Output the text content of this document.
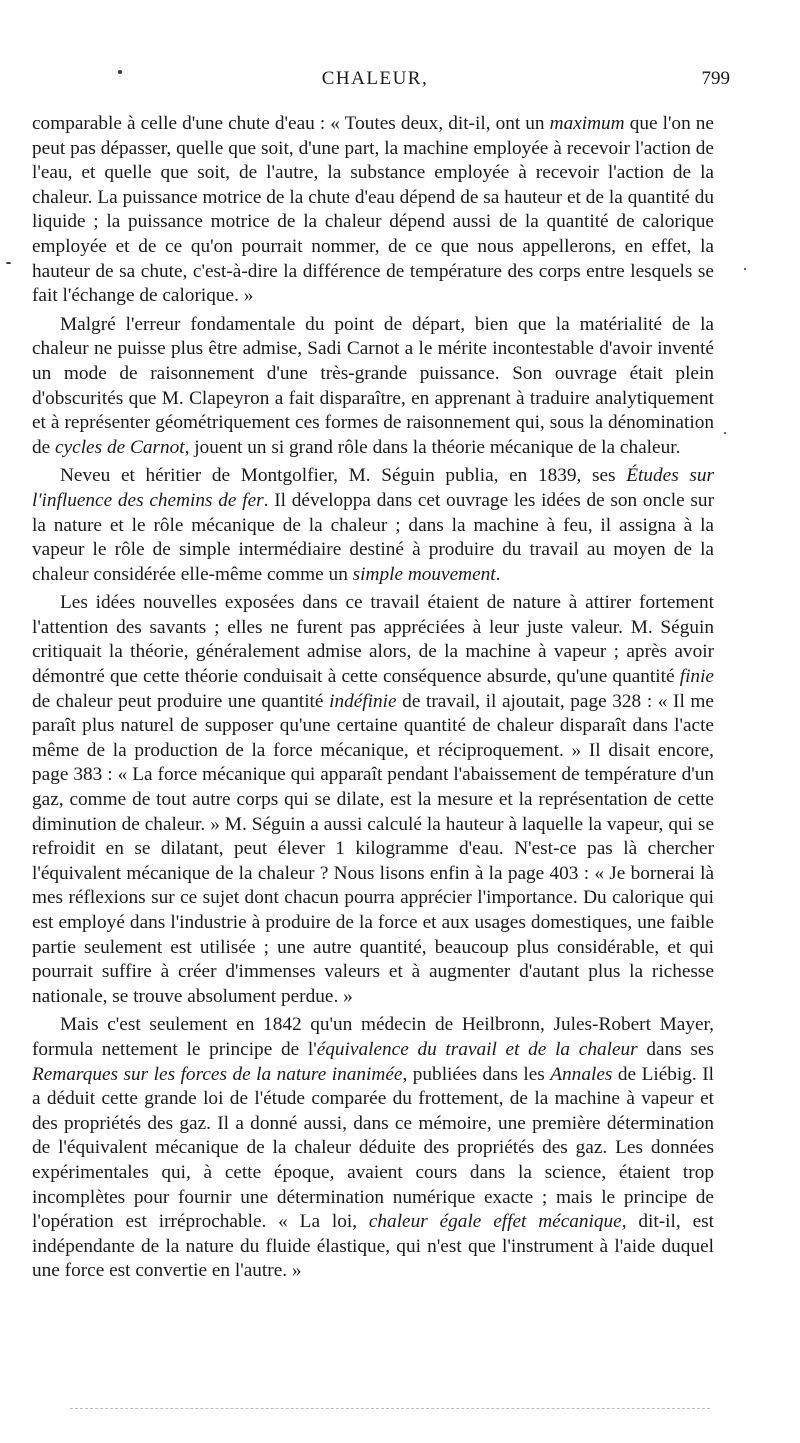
CHALEUR,	799

comparable à celle d'une chute d'eau : « Toutes deux, dit-il, ont un maximum que l'on ne peut pas dépasser, quelle que soit, d'une part, la machine employée à recevoir l'action de l'eau, et quelle que soit, de l'autre, la substance employée à recevoir l'action de la chaleur. La puissance motrice de la chute d'eau dépend de sa hauteur et de la quantité du liquide ; la puissance motrice de la chaleur dépend aussi de la quantité de calorique employée et de ce qu'on pourrait nommer, de ce que nous appellerons, en effet, la hauteur de sa chute, c'est-à-dire la différence de température des corps entre lesquels se fait l'échange de calorique. »

Malgré l'erreur fondamentale du point de départ, bien que la matérialité de la chaleur ne puisse plus être admise, Sadi Carnot a le mérite incontestable d'avoir inventé un mode de raisonnement d'une très-grande puissance. Son ouvrage était plein d'obscurités que M. Clapeyron a fait disparaître, en apprenant à traduire analytiquement et à représenter géométriquement ces formes de raisonnement qui, sous la dénomination de cycles de Carnot, jouent un si grand rôle dans la théorie mécanique de la chaleur.

Neveu et héritier de Montgolfier, M. Séguin publia, en 1839, ses Études sur l'influence des chemins de fer. Il développa dans cet ouvrage les idées de son oncle sur la nature et le rôle mécanique de la chaleur ; dans la machine à feu, il assigna à la vapeur le rôle de simple intermédiaire destiné à produire du travail au moyen de la chaleur considérée elle-même comme un simple mouvement.

Les idées nouvelles exposées dans ce travail étaient de nature à attirer fortement l'attention des savants ; elles ne furent pas appréciées à leur juste valeur. M. Séguin critiquait la théorie, généralement admise alors, de la machine à vapeur ; après avoir démontré que cette théorie conduisait à cette conséquence absurde, qu'une quantité finie de chaleur peut produire une quantité indéfinie de travail, il ajoutait, page 328 : « Il me paraît plus naturel de supposer qu'une certaine quantité de chaleur disparaît dans l'acte même de la production de la force mécanique, et réciproquement. » Il disait encore, page 383 : « La force mécanique qui apparaît pendant l'abaissement de température d'un gaz, comme de tout autre corps qui se dilate, est la mesure et la représentation de cette diminution de chaleur. » M. Séguin a aussi calculé la hauteur à laquelle la vapeur, qui se refroidit en se dilatant, peut élever 1 kilogramme d'eau. N'est-ce pas là chercher l'équivalent mécanique de la chaleur ? Nous lisons enfin à la page 403 : « Je bornerai là mes réflexions sur ce sujet dont chacun pourra apprécier l'importance. Du calorique qui est employé dans l'industrie à produire de la force et aux usages domestiques, une faible partie seulement est utilisée ; une autre quantité, beaucoup plus considérable, et qui pourrait suffire à créer d'immenses valeurs et à augmenter d'autant plus la richesse nationale, se trouve absolument perdue. »

Mais c'est seulement en 1842 qu'un médecin de Heilbronn, Jules-Robert Mayer, formula nettement le principe de l'équivalence du travail et de la chaleur dans ses Remarques sur les forces de la nature inanimée, publiées dans les Annales de Liébig. Il a déduit cette grande loi de l'étude comparée du frottement, de la machine à vapeur et des propriétés des gaz. Il a donné aussi, dans ce mémoire, une première détermination de l'équivalent mécanique de la chaleur déduite des propriétés des gaz. Les données expérimentales qui, à cette époque, avaient cours dans la science, étaient trop incomplètes pour fournir une détermination numérique exacte ; mais le principe de l'opération est irréprochable. « La loi, chaleur égale effet mécanique, dit-il, est indépendante de la nature du fluide élastique, qui n'est que l'instrument à l'aide duquel une force est convertie en l'autre. »
